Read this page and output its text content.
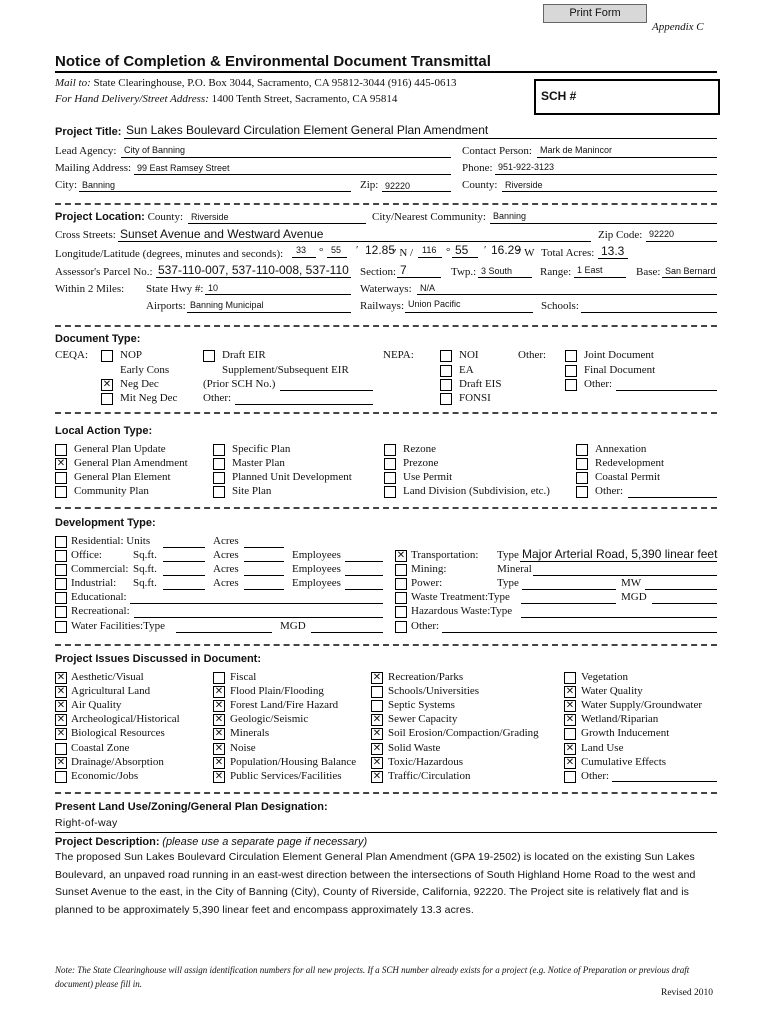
Print Form
Appendix C
Notice of Completion & Environmental Document Transmittal
Mail to: State Clearinghouse, P.O. Box 3044, Sacramento, CA 95812-3044 (916) 445-0613
For Hand Delivery/Street Address: 1400 Tenth Street, Sacramento, CA 95814	SCH #
Project Title: Sun Lakes Boulevard Circulation Element General Plan Amendment
Lead Agency: City of Banning	Contact Person: Mark de Manincor
Mailing Address: 99 East Ramsey Street	Phone: 951-922-3123
City: Banning	Zip: 92220	County: Riverside
Project Location: County: Riverside	City/Nearest Community: Banning
Cross Streets: Sunset Avenue and Westward Avenue	Zip Code: 92220
Longitude/Latitude (degrees, minutes and seconds): 33 ° 55 ′ 12.85
″ N / 116 ° 55 ′ 16.29
″ W Total Acres: 13.3
Assessor's Parcel No.: 537-110-007, 537-110-008, 537-110 Section: 7	Twp.: 3 South	Range: 1 East	Base: San Bernard
Within 2 Miles: State Hwy #: 10	Waterways: N/A
Airports: Banning Municipal	Railways: Union Pacific	Schools:
Document Type:
CEQA:	NOP
Early Cons
✕ Neg Dec
Mit Neg Dec
Draft EIR
Supplement/Subsequent EIR
(Prior SCH No.)
Other:
NEPA:	NOI
EA
Draft EIS
FONSI
Other:	Joint Document
Final Document
Other:
Local Action Type:
General Plan Update
✕ General Plan Amendment
General Plan Element
Community Plan
Specific Plan
Master Plan
Planned Unit Development
Site Plan
Rezone
Prezone
Use Permit
Land Division (Subdivision, etc.)
Annexation
Redevelopment
Coastal Permit
Other:
Development Type:
Residential: Units	Acres
Office:	Sq.ft.	Acres	Employees
Commercial: Sq.ft.	Acres	Employees
Industrial: Sq.ft.	Acres	Employees
Educational:
Recreational:
Water Facilities:Type	MGD
✕ Transportation: Type Major Arterial Road, 5,390 linear feet
Mining:	Mineral
Power:	Type	MW
Waste Treatment:Type	MGD
Hazardous Waste:Type
Other:
Project Issues Discussed in Document:
✕ Aesthetic/Visual
✕ Agricultural Land
✕ Air Quality
✕ Archeological/Historical
✕ Biological Resources
Coastal Zone
✕ Drainage/Absorption
Economic/Jobs
Fiscal
✕ Flood Plain/Flooding
✕ Forest Land/Fire Hazard
✕ Geologic/Seismic
✕ Minerals
✕ Noise
✕ Population/Housing Balance
✕ Public Services/Facilities
✕ Recreation/Parks
Schools/Universities
Septic Systems
✕ Sewer Capacity
✕ Soil Erosion/Compaction/Grading
✕ Solid Waste
✕ Toxic/Hazardous
✕ Traffic/Circulation
Vegetation
✕ Water Quality
✕ Water Supply/Groundwater
✕ Wetland/Riparian
Growth Inducement
✕ Land Use
✕ Cumulative Effects
Other:
Present Land Use/Zoning/General Plan Designation:
Right-of-way
Project Description: (please use a separate page if necessary)
The proposed Sun Lakes Boulevard Circulation Element General Plan Amendment (GPA 19-2502) is located on the existing Sun Lakes Boulevard, an unpaved road running in an east-west direction between the intersections of South Highland Home Road to the west and Sunset Avenue to the east, in the City of Banning (City), County of Riverside, California, 92220. The Project site is relatively flat and is planned to be approximately 5,390 linear feet and encompass approximately 13.3 acres.
Note: The State Clearinghouse will assign identification numbers for all new projects. If a SCH number already exists for a project (e.g. Notice of Preparation or previous draft document) please fill in.
Revised 2010
